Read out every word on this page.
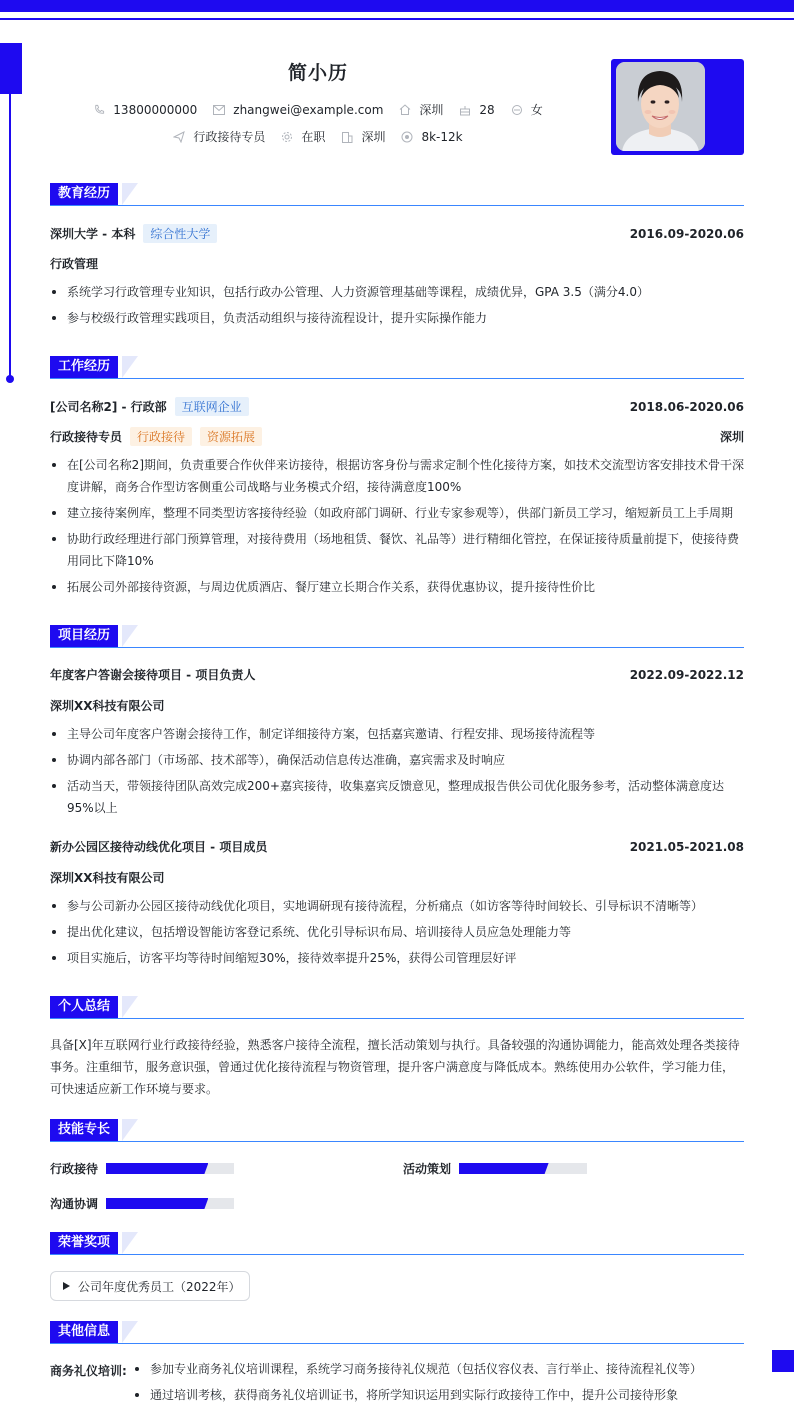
简小历
13800000000	zhangwei@example.com	深圳	28	女
行政接待专员	在职	深圳	8k-12k
教育经历
深圳大学 - 本科	综合性大学	2016.09-2020.06
行政管理
系统学习行政管理专业知识，包括行政办公管理、人力资源管理基础等课程，成绩优异，GPA 3.5（满分4.0）
参与校级行政管理实践项目，负责活动组织与接待流程设计，提升实际操作能力
工作经历
[公司名称2] - 行政部	互联网企业	2018.06-2020.06
行政接待专员	行政接待	资源拓展	深圳
在[公司名称2]期间，负责重要合作伙伴来访接待，根据访客身份与需求定制个性化接待方案，如技术交流型访客安排技术骨干深度讲解，商务合作型访客侧重公司战略与业务模式介绍，接待满意度100%
建立接待案例库，整理不同类型访客接待经验（如政府部门调研、行业专家参观等），供部门新员工学习，缩短新员工上手周期
协助行政经理进行部门预算管理，对接待费用（场地租赁、餐饮、礼品等）进行精细化管控，在保证接待质量前提下，使接待费用同比下降10%
拓展公司外部接待资源，与周边优质酒店、餐厅建立长期合作关系，获得优惠协议，提升接待性价比
项目经历
年度客户答谢会接待项目 - 项目负责人	2022.09-2022.12
深圳XX科技有限公司
主导公司年度客户答谢会接待工作，制定详细接待方案，包括嘉宾邀请、行程安排、现场接待流程等
协调内部各部门（市场部、技术部等），确保活动信息传达准确，嘉宾需求及时响应
活动当天，带领接待团队高效完成200+嘉宾接待，收集嘉宾反馈意见，整理成报告供公司优化服务参考，活动整体满意度达95%以上
新办公园区接待动线优化项目 - 项目成员	2021.05-2021.08
深圳XX科技有限公司
参与公司新办公园区接待动线优化项目，实地调研现有接待流程，分析痛点（如访客等待时间较长、引导标识不清晰等）
提出优化建议，包括增设智能访客登记系统、优化引导标识布局、培训接待人员应急处理能力等
项目实施后，访客平均等待时间缩短30%，接待效率提升25%，获得公司管理层好评
个人总结

具备[X]年互联网行业行政接待经验，熟悉客户接待全流程，擅长活动策划与执行。具备较强的沟通协调能力，能高效处理各类接待事务。注重细节，服务意识强，曾通过优化接待流程与物资管理，提升客户满意度与降低成本。熟练使用办公软件，学习能力佳，可快速适应新工作环境与要求。

技能专长
行政接待	活动策划
沟通协调
荣誉奖项
公司年度优秀员工（2022年）
其他信息
商务礼仪培训:	参加专业商务礼仪培训课程，系统学习商务接待礼仪规范（包括仪容仪表、言行举止、接待流程礼仪等）
通过培训考核，获得商务礼仪培训证书，将所学知识运用到实际行政接待工作中，提升公司接待形象
